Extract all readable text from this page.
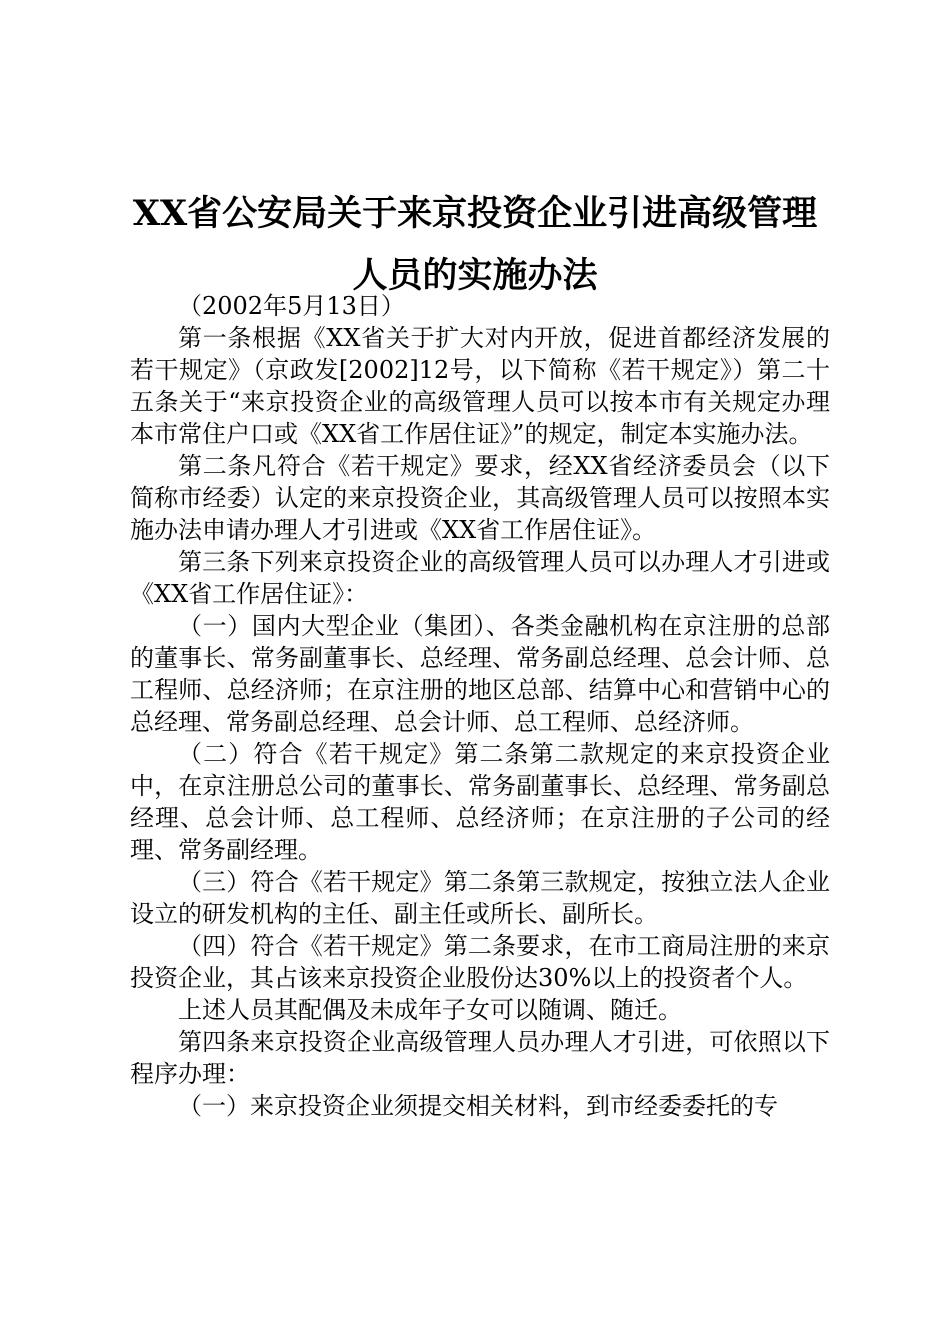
XX省公安局关于来京投资企业引进高级管理
人员的实施办法

（2002年5月13日）

第一条根据《XX省关于扩大对内开放，促进首都经济发展的若干规定》（京政发[2002]12号，以下简称《若干规定》）第二十五条关于“来京投资企业的高级管理人员可以按本市有关规定办理本市常住户口或《XX省工作居住证》”的规定，制定本实施办法。

第二条凡符合《若干规定》要求，经XX省经济委员会（以下简称市经委）认定的来京投资企业，其高级管理人员可以按照本实施办法申请办理人才引进或《XX省工作居住证》。

第三条下列来京投资企业的高级管理人员可以办理人才引进或《XX省工作居住证》：

（一）国内大型企业（集团）、各类金融机构在京注册的总部的董事长、常务副董事长、总经理、常务副总经理、总会计师、总工程师、总经济师；在京注册的地区总部、结算中心和营销中心的总经理、常务副总经理、总会计师、总工程师、总经济师。

（二）符合《若干规定》第二条第二款规定的来京投资企业中，在京注册总公司的董事长、常务副董事长、总经理、常务副总经理、总会计师、总工程师、总经济师；在京注册的子公司的经理、常务副经理。

（三）符合《若干规定》第二条第三款规定，按独立法人企业设立的研发机构的主任、副主任或所长、副所长。

（四）符合《若干规定》第二条要求，在市工商局注册的来京投资企业，其占该来京投资企业股份达30%以上的投资者个人。

上述人员其配偶及未成年子女可以随调、随迁。

第四条来京投资企业高级管理人员办理人才引进，可依照以下程序办理：

（一）来京投资企业须提交相关材料，到市经委委托的专
